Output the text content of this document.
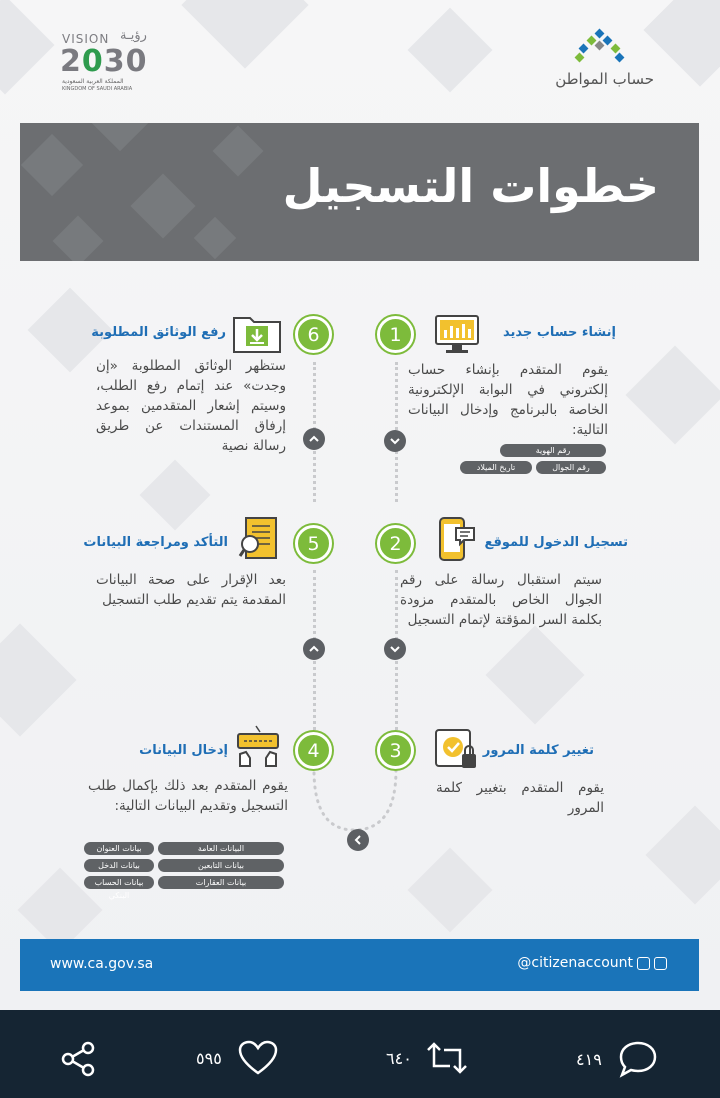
VISION رؤيـة
2030
المملكة العربية السعودية
KINGDOM OF SAUDI ARABIA
حساب المواطن
خطوات التسجيل
1	إنشاء حساب جديد
يقوم المتقدم بإنشاء حساب إلكتروني في البوابة الإلكترونية الخاصة بالبرنامج وإدخال البيانات التالية:
رقم الهوية
رقم الجوال
تاريخ الميلاد
2	تسجيل الدخول للموقع
سيتم استقبال رسالة على رقم الجوال الخاص بالمتقدم مزودة بكلمة السر المؤقتة لإتمام التسجيل
3	تغيير كلمة المرور
يقوم المتقدم بتغيير كلمة المرور
4
إدخال البيانات
يقوم المتقدم بعد ذلك بإكمال طلب التسجيل وتقديم البيانات التالية:
البيانات العامة
بيانات العنوان
بيانات التابعين
بيانات الدخل
بيانات العقارات
بيانات الحساب البنكي
5
التأكد ومراجعة البيانات
بعد الإقرار على صحة البيانات المقدمة يتم تقديم طلب التسجيل
6
رفع الوثائق المطلوبة
ستظهر الوثائق المطلوبة «إن وجدت» عند إتمام رفع الطلب، وسيتم إشعار المتقدمين بموعد إرفاق المستندات عن طريق رسالة نصية
www.ca.gov.sa	@citizenaccount
٥٩٥	٦٤٠	٤١٩
